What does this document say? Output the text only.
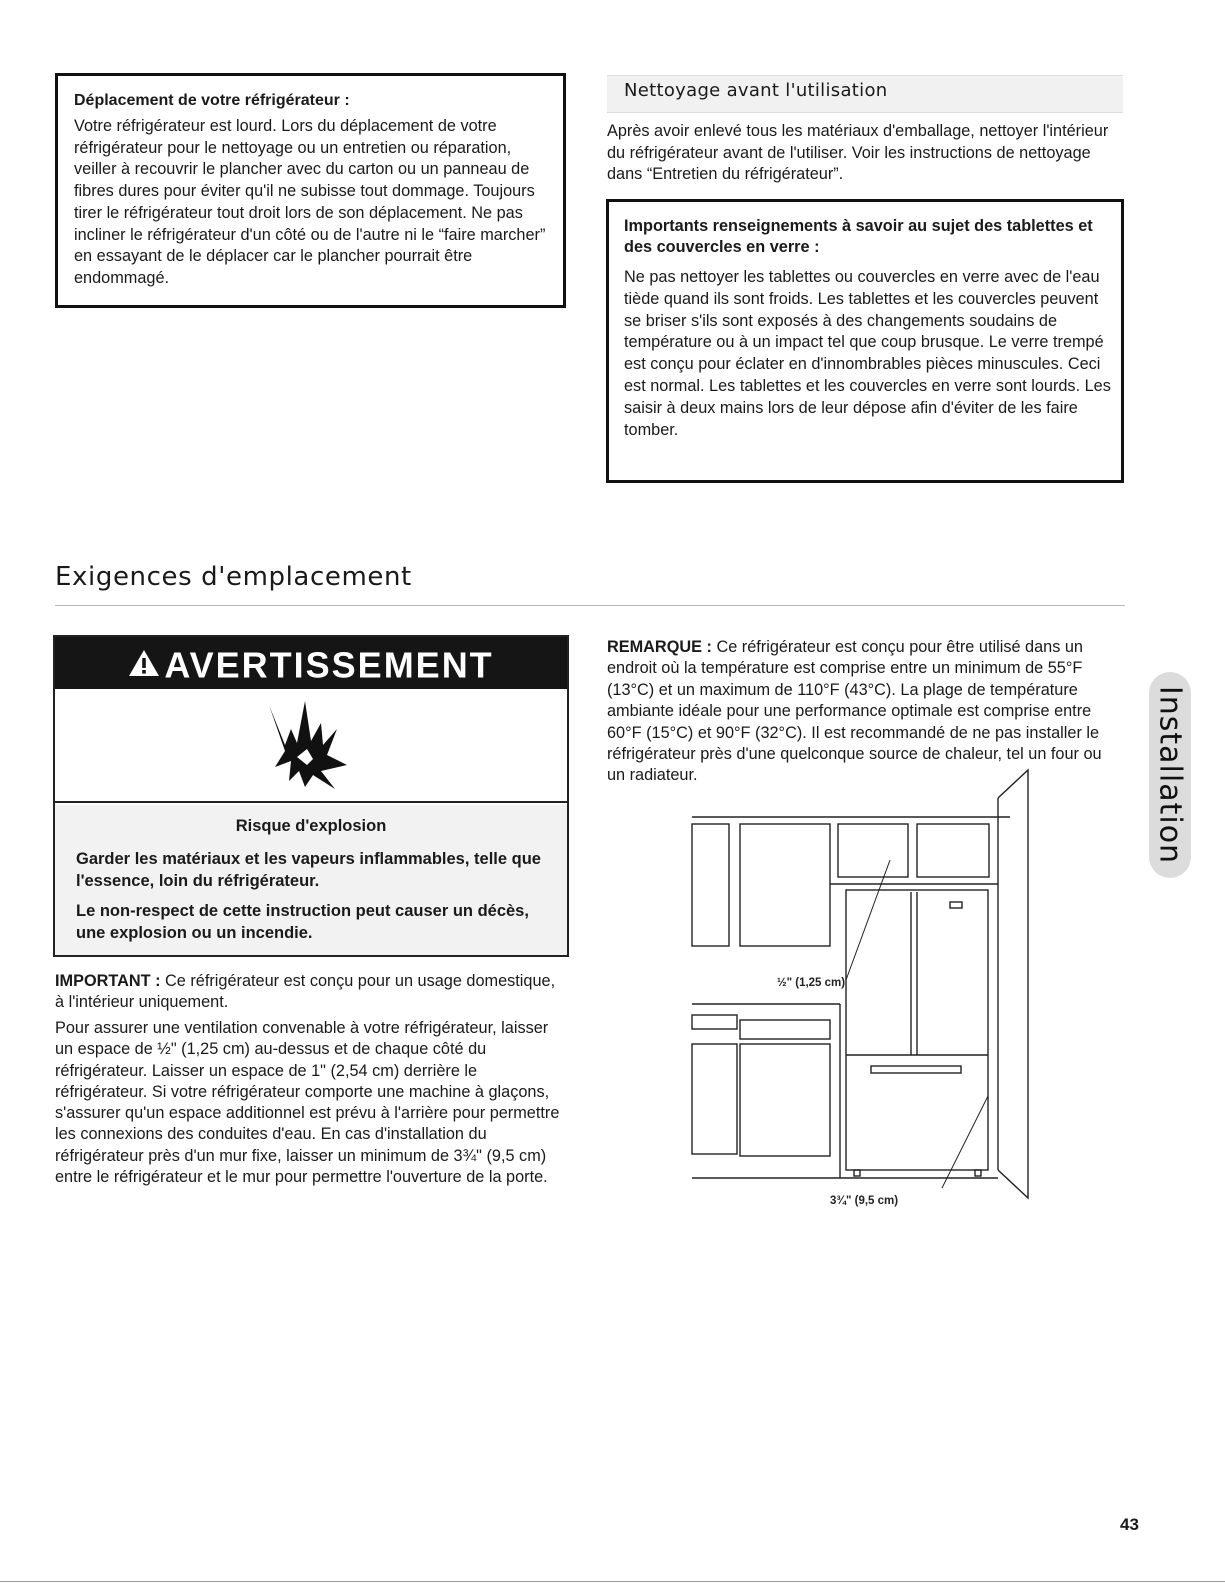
Déplacement de votre réfrigérateur :

Votre réfrigérateur est lourd. Lors du déplacement de votre réfrigérateur pour le nettoyage ou un entretien ou réparation, veiller à recouvrir le plancher avec du carton ou un panneau de fibres dures pour éviter qu'il ne subisse tout dommage. Toujours tirer le réfrigérateur tout droit lors de son déplacement. Ne pas incliner le réfrigérateur d'un côté ou de l'autre ni le “faire marcher” en essayant de le déplacer car le plancher pourrait être endommagé.

Nettoyage avant l'utilisation

Après avoir enlevé tous les matériaux d'emballage, nettoyer l'intérieur du réfrigérateur avant de l'utiliser. Voir les instructions de nettoyage dans “Entretien du réfrigérateur”.

Importants renseignements à savoir au sujet des tablettes et des couvercles en verre :

Ne pas nettoyer les tablettes ou couvercles en verre avec de l'eau tiède quand ils sont froids. Les tablettes et les couvercles peuvent se briser s'ils sont exposés à des changements soudains de température ou à un impact tel que coup brusque. Le verre trempé est conçu pour éclater en d'innombrables pièces minuscules. Ceci est normal. Les tablettes et les couvercles en verre sont lourds. Les saisir à deux mains lors de leur dépose afin d'éviter de les faire tomber.

Exigences d'emplacement
AVERTISSEMENT
Risque d'explosion
Garder les matériaux et les vapeurs inflammables, telle que l'essence, loin du réfrigérateur.
Le non-respect de cette instruction peut causer un décès, une explosion ou un incendie.

IMPORTANT : Ce réfrigérateur est conçu pour un usage domestique, à l'intérieur uniquement.

Pour assurer une ventilation convenable à votre réfrigérateur, laisser un espace de ½" (1,25 cm) au-dessus et de chaque côté du réfrigérateur. Laisser un espace de 1" (2,54 cm) derrière le réfrigérateur. Si votre réfrigérateur comporte une machine à glaçons, s'assurer qu'un espace additionnel est prévu à l'arrière pour permettre les connexions des conduites d'eau. En cas d'installation du réfrigérateur près d'un mur fixe, laisser un minimum de 3¾" (9,5 cm) entre le réfrigérateur et le mur pour permettre l'ouverture de la porte.

REMARQUE : Ce réfrigérateur est conçu pour être utilisé dans un endroit où la température est comprise entre un minimum de 55°F (13°C) et un maximum de 110°F (43°C). La plage de température ambiante idéale pour une performance optimale est comprise entre 60°F (15°C) et 90°F (32°C). Il est recommandé de ne pas installer le réfrigérateur près d'une quelconque source de chaleur, tel un four ou un radiateur.	Installation
½" (1,25 cm)
3¾" (9,5 cm)
43
